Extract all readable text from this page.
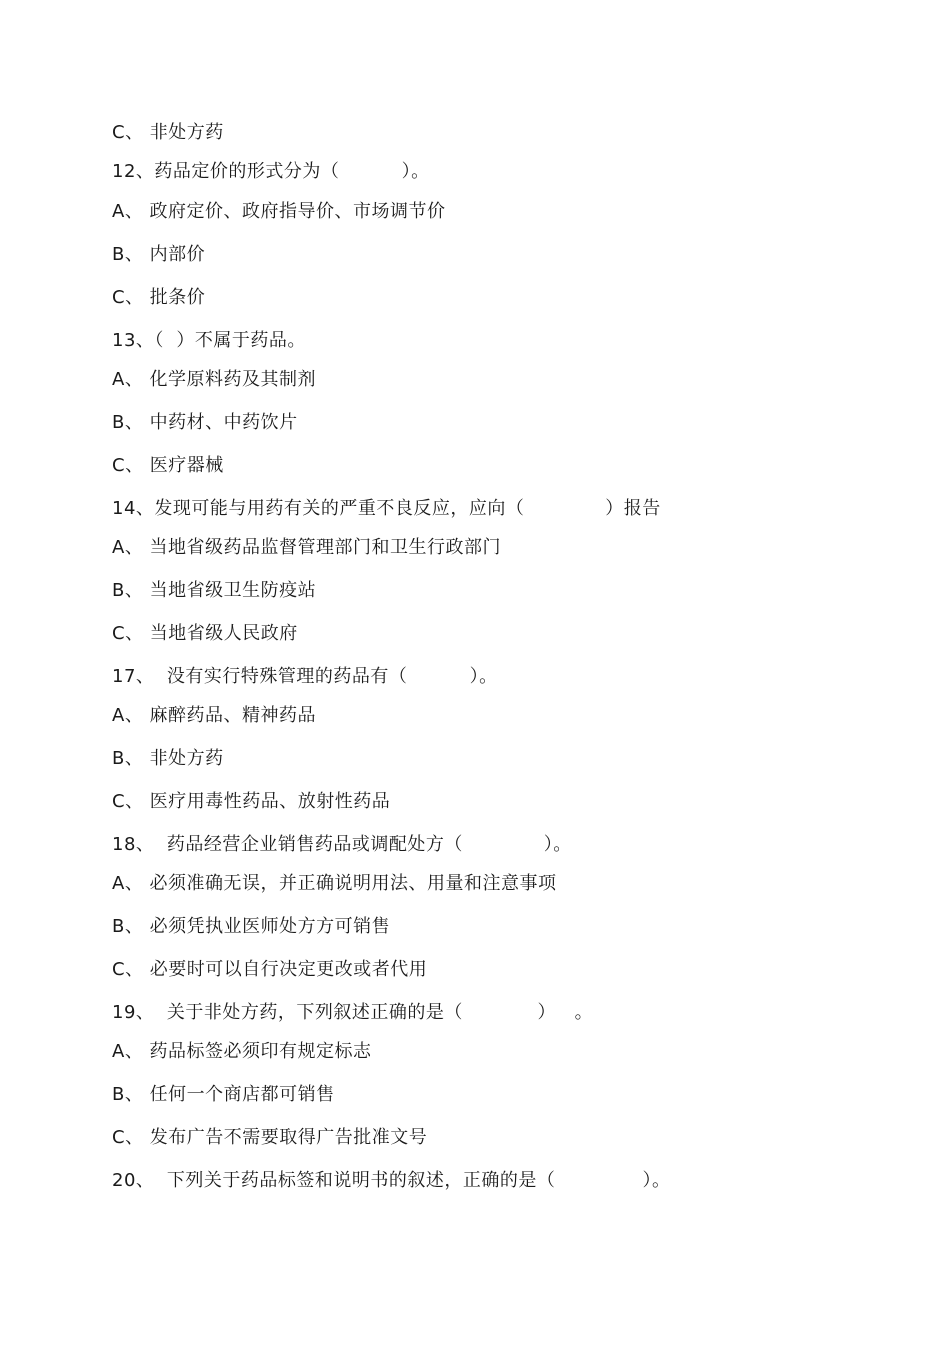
C、 非处方药
12、药品定价的形式分为（          ）。
A、 政府定价、政府指导价、市场调节价
B、 内部价
C、 批条价
13、（  ）不属于药品。
A、 化学原料药及其制剂
B、 中药材、中药饮片
C、 医疗器械
14、发现可能与用药有关的严重不良反应，应向（             ）报告
A、 当地省级药品监督管理部门和卫生行政部门
B、 当地省级卫生防疫站
C、 当地省级人民政府
17、  没有实行特殊管理的药品有（          ）。
A、 麻醉药品、精神药品
B、 非处方药
C、 医疗用毒性药品、放射性药品
18、  药品经营企业销售药品或调配处方（             ）。
A、 必须准确无误，并正确说明用法、用量和注意事项
B、 必须凭执业医师处方方可销售
C、 必要时可以自行决定更改或者代用
19、  关于非处方药，下列叙述正确的是（            ）   。
A、 药品标签必须印有规定标志
B、 任何一个商店都可销售
C、 发布广告不需要取得广告批准文号
20、  下列关于药品标签和说明书的叙述，正确的是（              ）。
